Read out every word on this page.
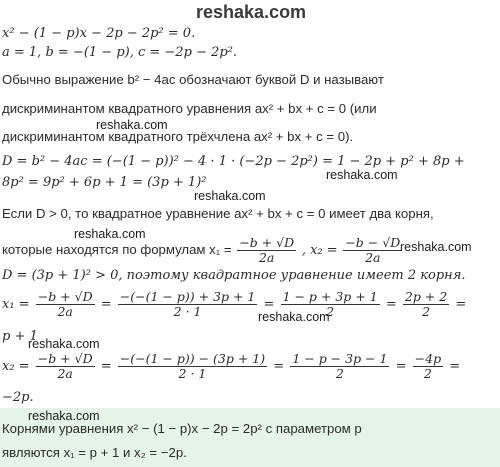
reshaka.com
x² − (1 − p)x − 2p − 2p² = 0.
a = 1, b = −(1 − p), c = −2p − 2p².
Обычно выражение b² − 4ac обозначают буквой D и называют
дискриминантом квадратного уравнения ax² + bx + c = 0 (или
reshaka.com
дискриминантом квадратного трёхчлена ax² + bx + c = 0).
D = b² − 4ac = (−(1 − p))² − 4 · 1 · (−2p − 2p²) = 1 − 2p + p² + 8p +
8p² = 9p² + 6p + 1 = (3p + 1)²	reshaka.com
reshaka.com
Если D > 0, то квадратное уравнение ax² + bx + c = 0 имеет два корня,
reshaka.com
которые находятся по формулам $x_1 = \frac{-b + √D}{2a}$ , $x_2 = \frac{-b - √D}{2a}$
reshaka.com
D = (3p + 1)² > 0, поэтому квадратное уравнение имеет 2 корня.
$x_1 = \frac{-b + √D}{2a} = \frac{-(-(1 - p)) + 3p + 1}{2 \cdot 1} = \frac{1 - p + 3p + 1}{2} = \frac{2p + 2}{2}$ =
reshaka.com
p + 1
reshaka.com
$x_2 = \frac{-b + √D}{2a} = \frac{-(-(1 - p)) - (3p + 1)}{2 \cdot 1} = \frac{1 - p - 3p - 1}{2} = \frac{-4p}{2}$ =
−2p.
reshaka.com
Корнями уравнения x² − (1 − p)x − 2p = 2p² с параметром p
являются x₁ = p + 1 и x₂ = −2p.
